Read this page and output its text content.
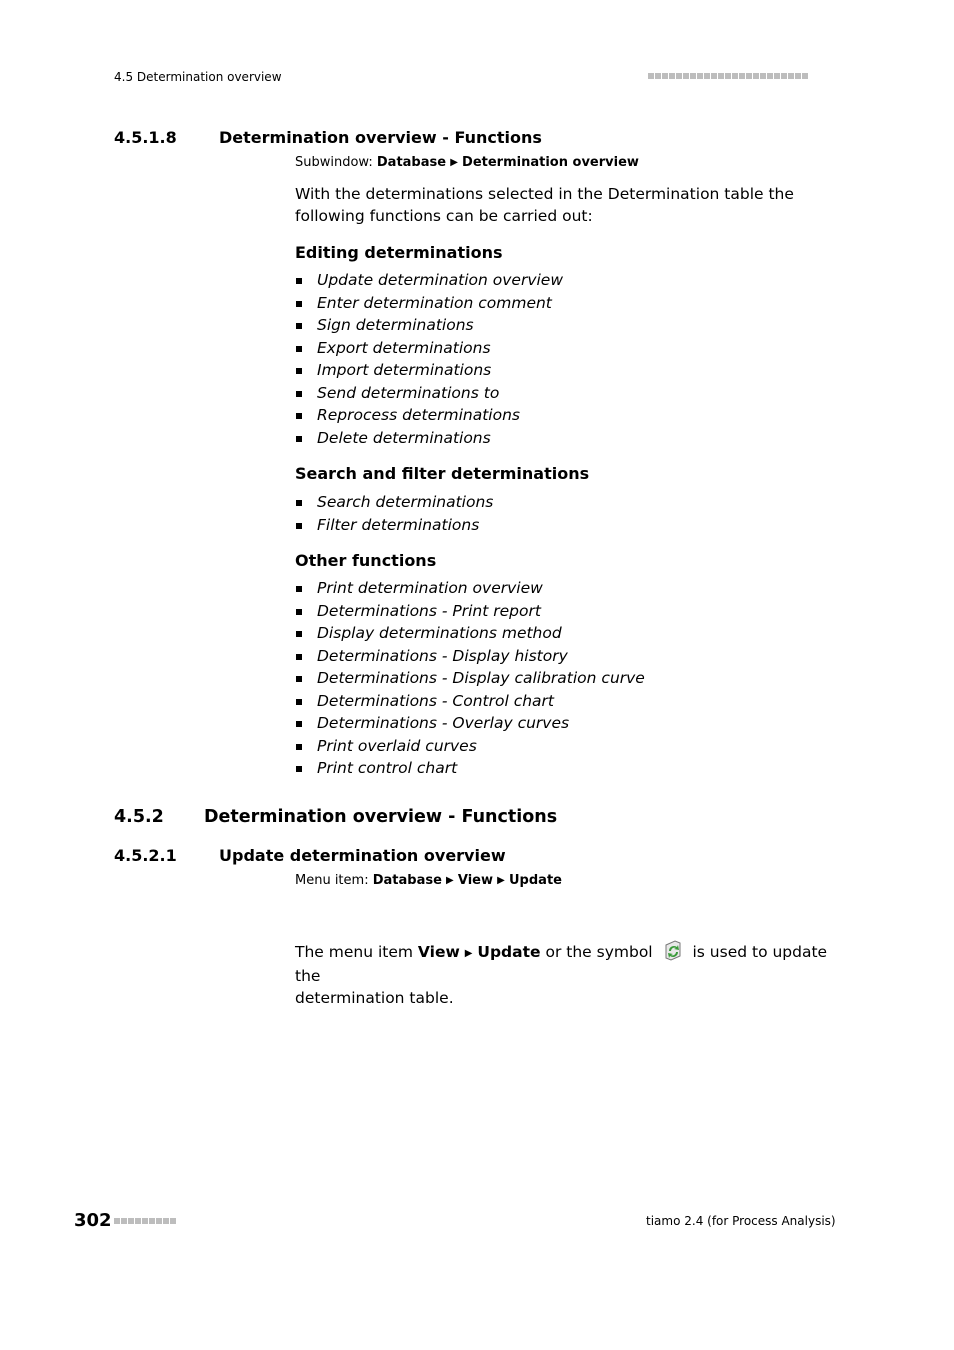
4.5 Determination overview
4.5.1.8	Determination overview - Functions
Subwindow: Database ▶ Determination overview
With the determinations selected in the Determination table the following functions can be carried out:
Editing determinations
Update determination overview
Enter determination comment
Sign determinations
Export determinations
Import determinations
Send determinations to
Reprocess determinations
Delete determinations
Search and filter determinations
Search determinations
Filter determinations
Other functions
Print determination overview
Determinations - Print report
Display determinations method
Determinations - Display history
Determinations - Display calibration curve
Determinations - Control chart
Determinations - Overlay curves
Print overlaid curves
Print control chart
4.5.2 Determination overview - Functions
4.5.2.1	Update determination overview
Menu item: Database ▶ View ▶ Update
The menu item View ▶ Update or the symbol	is used to update the
determination table.
302	tiamo 2.4 (for Process Analysis)
